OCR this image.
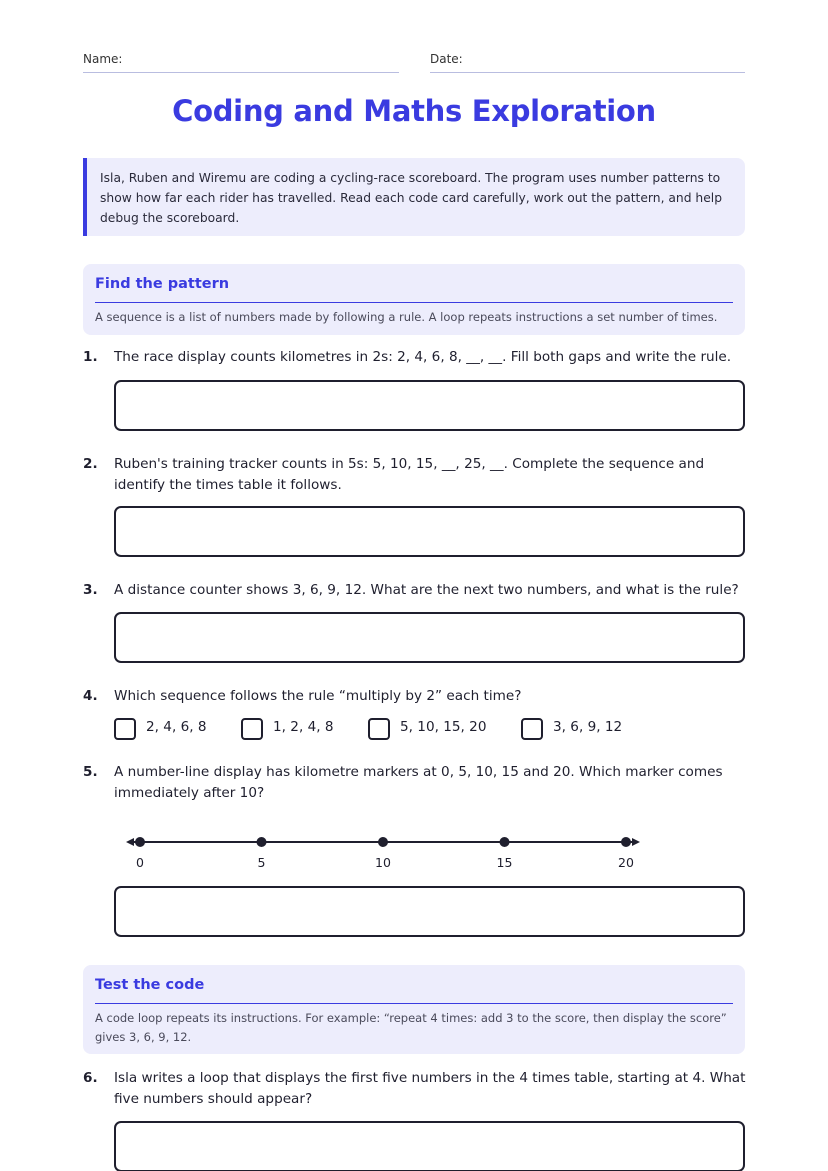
Name:	Date:
Coding and Maths Exploration
Isla, Ruben and Wiremu are coding a cycling-race scoreboard. The program uses number patterns to show how far each rider has travelled. Read each code card carefully, work out the pattern, and help debug the scoreboard.
Find the pattern
A sequence is a list of numbers made by following a rule. A loop repeats instructions a set number of times.
1. The race display counts kilometres in 2s: 2, 4, 6, 8, __, __. Fill both gaps and write the rule.
2. Ruben's training tracker counts in 5s: 5, 10, 15, __, 25, __. Complete the sequence and identify the times table it follows.
3. A distance counter shows 3, 6, 9, 12. What are the next two numbers, and what is the rule?
4. Which sequence follows the rule “multiply by 2” each time?
2, 4, 6, 8	1, 2, 4, 8	5, 10, 15, 20	3, 6, 9, 12
5. A number-line display has kilometre markers at 0, 5, 10, 15 and 20. Which marker comes immediately after 10?
0	5	10	15	20
Test the code
A code loop repeats its instructions. For example: “repeat 4 times: add 3 to the score, then display the score” gives 3, 6, 9, 12.
6. Isla writes a loop that displays the first five numbers in the 4 times table, starting at 4. What five numbers should appear?
